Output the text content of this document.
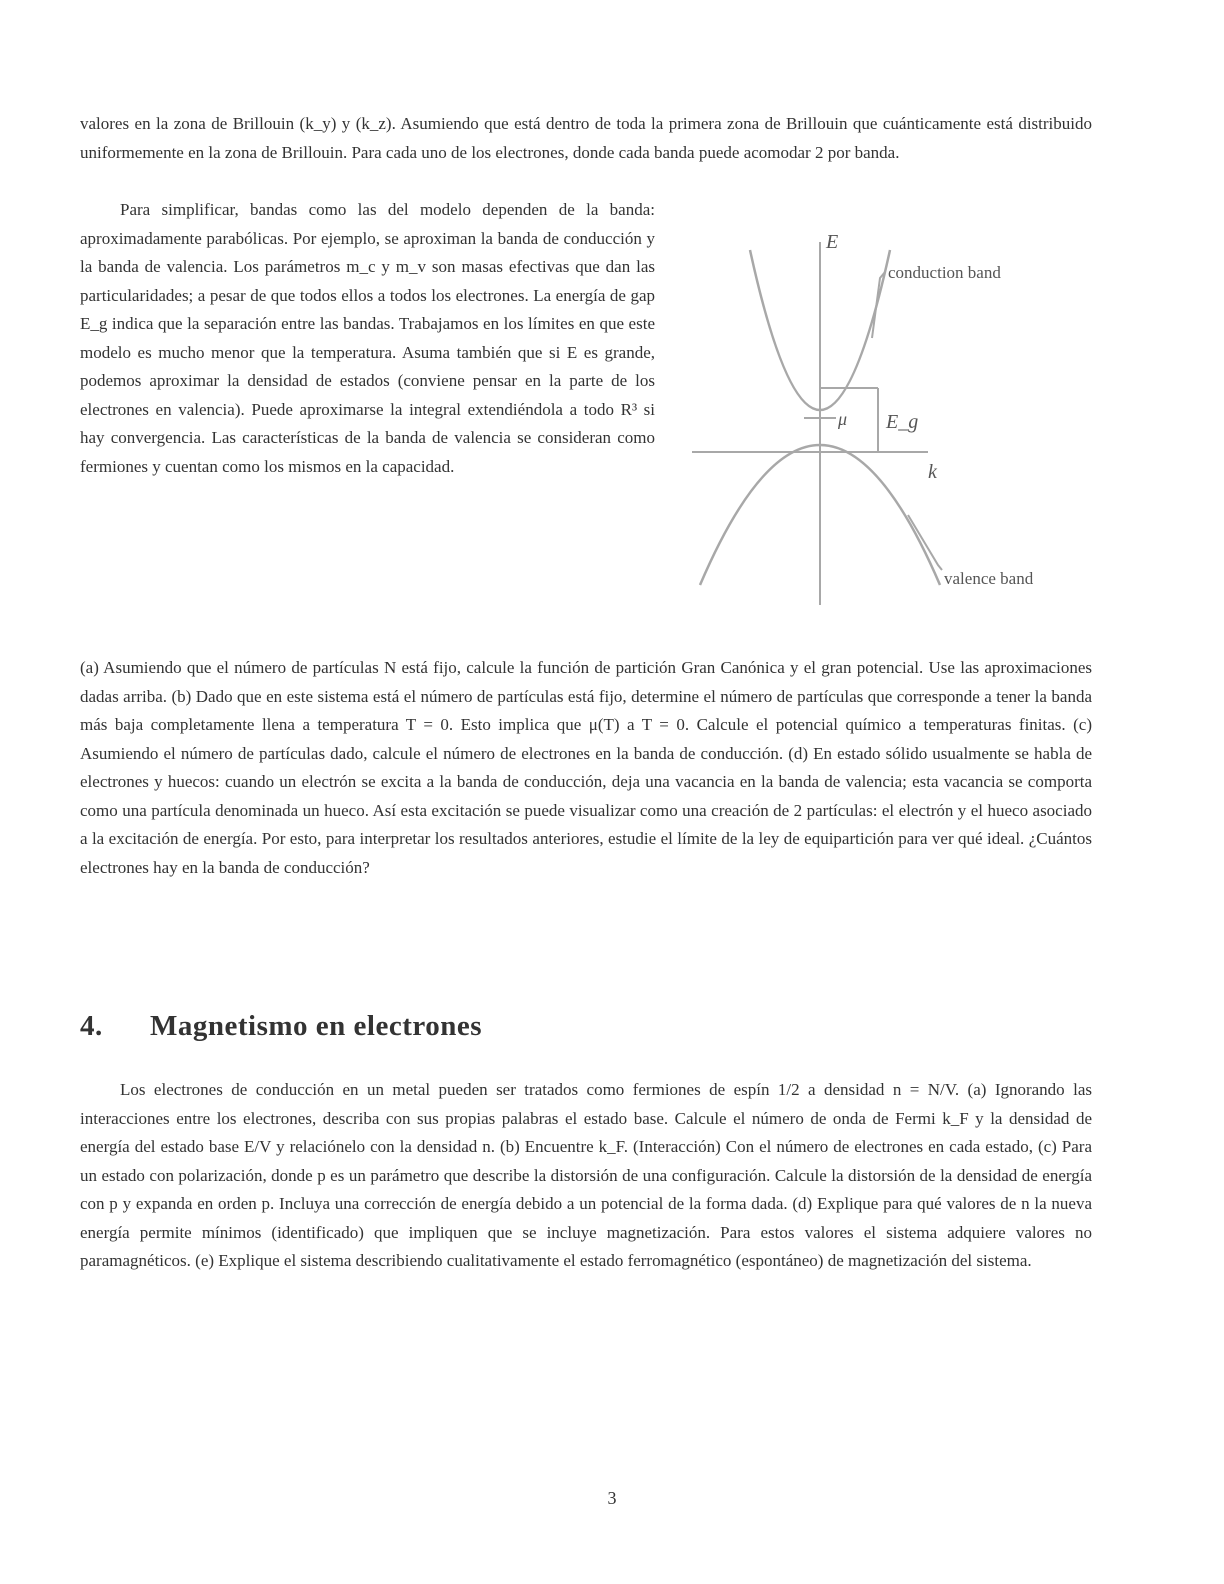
valores en la zona de Brillouin (k_y) y (k_z). Asumiendo que está dentro de toda la primera zona de Brillouin que cuánticamente está distribuido uniformemente en la zona de Brillouin. Para cada uno de los electrones, donde cada banda puede acomodar 2 por banda.

Para simplificar, bandas como las del modelo dependen de la banda: aproximadamente parabólicas. Por ejemplo, se aproximan la banda de conducción y la banda de valencia. Los parámetros m_c y m_v son masas efectivas que dan las particularidades; a pesar de que todos ellos a todos los electrones. La energía de gap E_g indica que la separación entre las bandas. Trabajamos en los límites en que este modelo es mucho menor que la temperatura. Asuma también que si E es grande, podemos aproximar la densidad de estados (conviene pensar en la parte de los electrones en valencia). Puede aproximarse la integral extendiéndola a todo R³ si hay convergencia. Las características de la banda de valencia se consideran como fermiones y cuentan como los mismos en la capacidad.

E
k
E_g
μ
conduction band
valence band

(a) Asumiendo que el número de partículas N está fijo, calcule la función de partición Gran Canónica y el gran potencial. Use las aproximaciones dadas arriba. (b) Dado que en este sistema está el número de partículas está fijo, determine el número de partículas que corresponde a tener la banda más baja completamente llena a temperatura T = 0. Esto implica que μ(T) a T = 0. Calcule el potencial químico a temperaturas finitas. (c) Asumiendo el número de partículas dado, calcule el número de electrones en la banda de conducción. (d) En estado sólido usualmente se habla de electrones y huecos: cuando un electrón se excita a la banda de conducción, deja una vacancia en la banda de valencia; esta vacancia se comporta como una partícula denominada un hueco. Así esta excitación se puede visualizar como una creación de 2 partículas: el electrón y el hueco asociado a la excitación de energía. Por esto, para interpretar los resultados anteriores, estudie el límite de la ley de equipartición para ver qué ideal. ¿Cuántos electrones hay en la banda de conducción?

4. Magnetismo en electrones

Los electrones de conducción en un metal pueden ser tratados como fermiones de espín 1/2 a densidad n = N/V. (a) Ignorando las interacciones entre los electrones, describa con sus propias palabras el estado base. Calcule el número de onda de Fermi k_F y la densidad de energía del estado base E/V y relaciónelo con la densidad n. (b) Encuentre k_F. (Interacción) Con el número de electrones en cada estado, (c) Para un estado con polarización, donde p es un parámetro que describe la distorsión de una configuración. Calcule la distorsión de la densidad de energía con p y expanda en orden p. Incluya una corrección de energía debido a un potencial de la forma dada. (d) Explique para qué valores de n la nueva energía permite mínimos (identificado) que impliquen que se incluye magnetización. Para estos valores el sistema adquiere valores no paramagnéticos. (e) Explique el sistema describiendo cualitativamente el estado ferromagnético (espontáneo) de magnetización del sistema.

3
